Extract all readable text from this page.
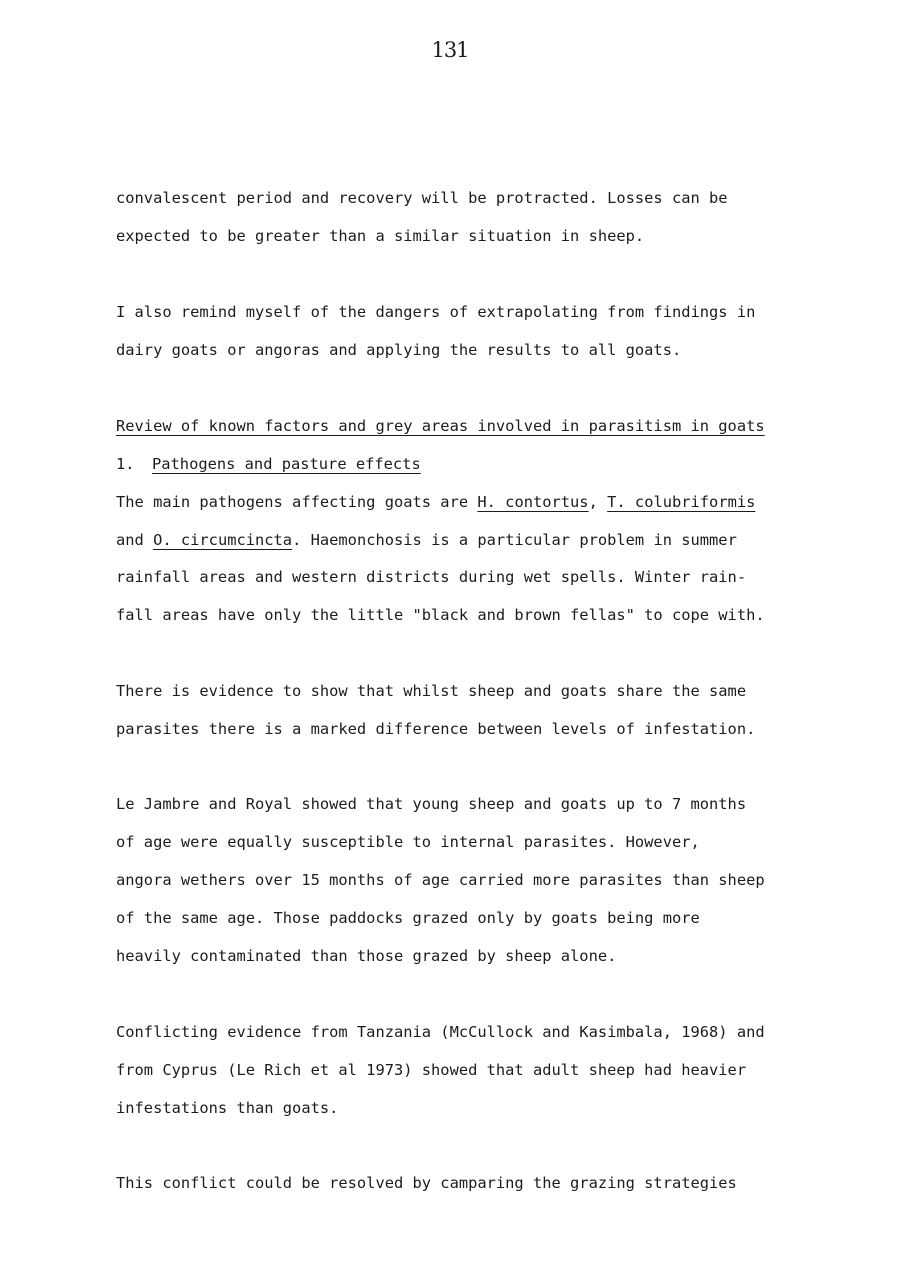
131
convalescent period and recovery will be protracted. Losses can be
expected to be greater than a similar situation in sheep.
I also remind myself of the dangers of extrapolating from findings in
dairy goats or angoras and applying the results to all goats.
Review of known factors and grey areas involved in parasitism in goats
1. Pathogens and pasture effects
The main pathogens affecting goats are H. contortus, T. colubriformis
and O. circumcincta. Haemonchosis is a particular problem in summer
rainfall areas and western districts during wet spells. Winter rain-
fall areas have only the little "black and brown fellas" to cope with.
There is evidence to show that whilst sheep and goats share the same
parasites there is a marked difference between levels of infestation.
Le Jambre and Royal showed that young sheep and goats up to 7 months
of age were equally susceptible to internal parasites. However,
angora wethers over 15 months of age carried more parasites than sheep
of the same age. Those paddocks grazed only by goats being more
heavily contaminated than those grazed by sheep alone.
Conflicting evidence from Tanzania (McCullock and Kasimbala, 1968) and
from Cyprus (Le Rich et al 1973) showed that adult sheep had heavier
infestations than goats.
This conflict could be resolved by camparing the grazing strategies
